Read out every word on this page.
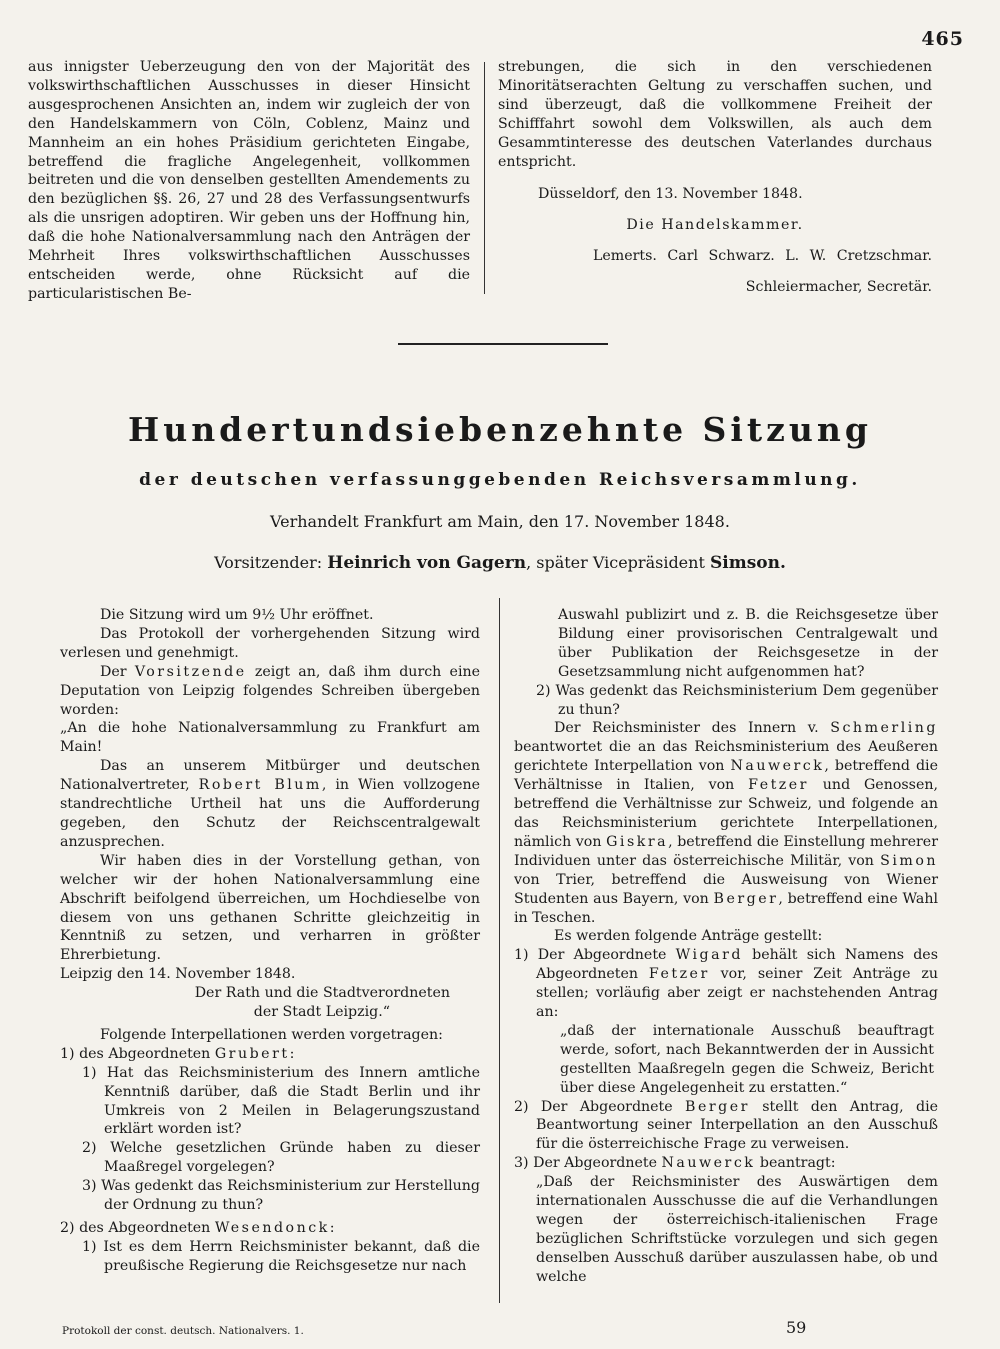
465

aus innigster Ueberzeugung den von der Majorität des volkswirthschaftlichen Ausschusses in dieser Hinsicht ausgesprochenen Ansichten an, indem wir zugleich der von den Handelskammern von Cöln, Coblenz, Mainz und Mannheim an ein hohes Präsidium gerichteten Eingabe, betreffend die fragliche Angelegenheit, vollkommen beitreten und die von denselben gestellten Amendements zu den bezüglichen §§. 26, 27 und 28 des Verfassungsentwurfs als die unsrigen adoptiren. Wir geben uns der Hoffnung hin, daß die hohe Nationalversammlung nach den Anträgen der Mehrheit Ihres volkswirthschaftlichen Ausschusses entscheiden werde, ohne Rücksicht auf die particularistischen Be-

strebungen, die sich in den verschiedenen Minoritätserachten Geltung zu verschaffen suchen, und sind überzeugt, daß die vollkommene Freiheit der Schifffahrt sowohl dem Volkswillen, als auch dem Gesammtinteresse des deutschen Vaterlandes durchaus entspricht.

Düsseldorf, den 13. November 1848.

Die Handelskammer.

Lemerts. Carl Schwarz. L. W. Cretzschmar.

Schleiermacher, Secretär.

Hundertundsiebenzehnte Sitzung
der deutschen verfassunggebenden Reichsversammlung.
Verhandelt Frankfurt am Main, den 17. November 1848.
Vorsitzender: Heinrich von Gagern, später Vicepräsident Simson.

Die Sitzung wird um 9½ Uhr eröffnet.

Das Protokoll der vorhergehenden Sitzung wird verlesen und genehmigt.

Der Vorsitzende zeigt an, daß ihm durch eine Deputation von Leipzig folgendes Schreiben übergeben worden:

„An die hohe Nationalversammlung zu Frankfurt am Main!

Das an unserem Mitbürger und deutschen Nationalvertreter, Robert Blum, in Wien vollzogene standrechtliche Urtheil hat uns die Aufforderung gegeben, den Schutz der Reichscentralgewalt anzusprechen.

Wir haben dies in der Vorstellung gethan, von welcher wir der hohen Nationalversammlung eine Abschrift beifolgend überreichen, um Hochdieselbe von diesem von uns gethanen Schritte gleichzeitig in Kenntniß zu setzen, und verharren in größter Ehrerbietung.

Leipzig den 14. November 1848.

Der Rath und die Stadtverordneten

der Stadt Leipzig.“

Folgende Interpellationen werden vorgetragen:

1) des Abgeordneten Grubert:

1) Hat das Reichsministerium des Innern amtliche Kenntniß darüber, daß die Stadt Berlin und ihr Umkreis von 2 Meilen in Belagerungszustand erklärt worden ist?

2) Welche gesetzlichen Gründe haben zu dieser Maaßregel vorgelegen?

3) Was gedenkt das Reichsministerium zur Herstellung der Ordnung zu thun?

2) des Abgeordneten Wesendonck:

1) Ist es dem Herrn Reichsminister bekannt, daß die preußische Regierung die Reichsgesetze nur nach

Auswahl publizirt und z. B. die Reichsgesetze über Bildung einer provisorischen Centralgewalt und über Publikation der Reichsgesetze in der Gesetzsammlung nicht aufgenommen hat?

2) Was gedenkt das Reichsministerium Dem gegenüber zu thun?

Der Reichsminister des Innern v. Schmerling beantwortet die an das Reichsministerium des Aeußeren gerichtete Interpellation von Nauwerck, betreffend die Verhältnisse in Italien, von Fetzer und Genossen, betreffend die Verhältnisse zur Schweiz, und folgende an das Reichsministerium gerichtete Interpellationen, nämlich von Giskra, betreffend die Einstellung mehrerer Individuen unter das österreichische Militär, von Simon von Trier, betreffend die Ausweisung von Wiener Studenten aus Bayern, von Berger, betreffend eine Wahl in Teschen.

Es werden folgende Anträge gestellt:

1) Der Abgeordnete Wigard behält sich Namens des Abgeordneten Fetzer vor, seiner Zeit Anträge zu stellen; vorläufig aber zeigt er nachstehenden Antrag an:

„daß der internationale Ausschuß beauftragt werde, sofort, nach Bekanntwerden der in Aussicht gestellten Maaßregeln gegen die Schweiz, Bericht über diese Angelegenheit zu erstatten.“

2) Der Abgeordnete Berger stellt den Antrag, die Beantwortung seiner Interpellation an den Ausschuß für die österreichische Frage zu verweisen.

3) Der Abgeordnete Nauwerck beantragt:

„Daß der Reichsminister des Auswärtigen dem internationalen Ausschusse die auf die Verhandlungen wegen der österreichisch-italienischen Frage bezüglichen Schriftstücke vorzulegen und sich gegen denselben Ausschuß darüber auszulassen habe, ob und welche

Protokoll der const. deutsch. Nationalvers. 1.	59
